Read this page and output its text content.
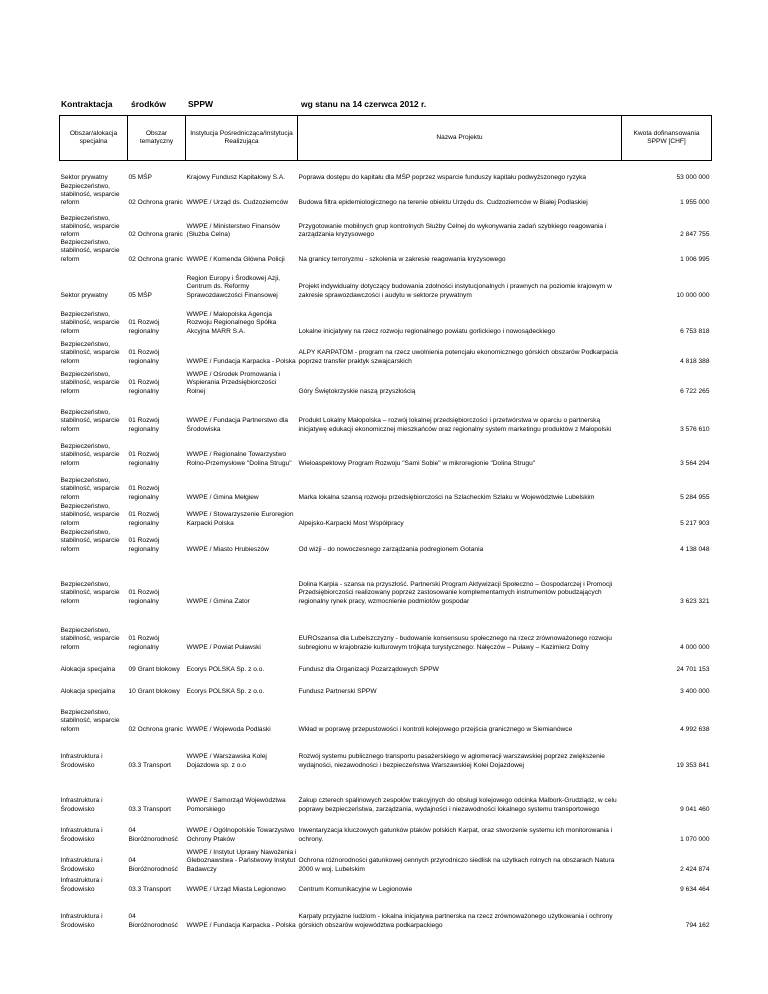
Kontraktacja środków	SPPW	wg stanu na 14 czerwca 2012 r.
Obszar/alokacja specjalna	Obszar tematyczny	Instytucja Pośrednicząca/Instytucja Realizująca	Nazwa Projektu	Kwota dofinansowania SPPW [CHF]
Sektor prywatny	05 MŚP	Krajowy Fundusz Kapitałowy S.A.	Poprawa dostępu do kapitału dla MŚP poprzez wsparcie funduszy kapitału podwyższonego ryzyka	53 000 000
Bezpieczeństwo, stabilność, wsparcie reform	02 Ochrona granic	WWPE / Urząd ds. Cudzoziemców	Budowa filtra epidemiologicznego na terenie obiektu Urzędu ds. Cudzoziemców w Białej Podlaskiej	1 955 000
Bezpieczeństwo, stabilność, wsparcie reform	02 Ochrona granic	WWPE / Ministerstwo Finansów (Służba Celna)	Przygotowanie mobilnych grup kontrolnych Służby Celnej do wykonywania zadań szybkiego reagowania i zarządzania kryzysowego	2 847 755
Bezpieczeństwo, stabilność, wsparcie reform	02 Ochrona granic	WWPE / Komenda Główna Policji	Na granicy terroryzmu - szkolenia w zakresie reagowania kryzysowego	1 006 995
Sektor prywatny	05 MŚP	Region Europy i Środkowej Azji, Centrum ds. Reformy Sprawozdawczości Finansowej	Projekt indywidualny dotyczący budowania zdolności instytucjonalnych i prawnych na poziomie krajowym w zakresie sprawozdawczości i audytu w sektorze prywatnym	10 000 000
Bezpieczeństwo, stabilność, wsparcie reform	01 Rozwój regionalny	WWPE / Małopolska Agencja Rozwoju Regionalnego Spółka Akcyjna MARR S.A.	Lokalne inicjatywy na rzecz rozwoju regionalnego powiatu gorlickiego i nowosądeckiego	6 753 818
Bezpieczeństwo, stabilność, wsparcie reform	01 Rozwój regionalny	WWPE / Fundacja Karpacka - Polska	ALPY KARPATOM - program na rzecz uwolnienia potencjału ekonomicznego górskich obszarów Podkarpacia poprzez transfer praktyk szwajcarskich	4 818 388
Bezpieczeństwo, stabilność, wsparcie reform	01 Rozwój regionalny	WWPE / Ośrodek Promowania i Wspierania Przedsiębiorczości Rolnej	Góry Świętokrzyskie naszą przyszłością	6 722 265
Bezpieczeństwo, stabilność, wsparcie reform	01 Rozwój regionalny	WWPE / Fundacja Partnerstwo dla Środowiska	Produkt Lokalny Małopolska – rozwój lokalnej przedsiębiorczości i przetwórstwa w oparciu o partnerską inicjatywę edukacji ekonomicznej mieszkańców oraz regionalny system marketingu produktów z Małopolski	3 576 610
Bezpieczeństwo, stabilność, wsparcie reform	01 Rozwój regionalny	WWPE / Regionalne Towarzystwo Rolno-Przemysłowe "Dolina Strugu"	Wieloaspektowy Program Rozwoju "Sami Sobie" w mikroregionie "Dolina Strugu"	3 564 294
Bezpieczeństwo, stabilność, wsparcie reform	01 Rozwój regionalny	WWPE / Gmina Mełgiew	Marka lokalna szansą rozwoju przedsiębiorczości na Szlacheckim Szlaku w Województwie Lubelskim	5 284 955
Bezpieczeństwo, stabilność, wsparcie reform	01 Rozwój regionalny	WWPE / Stowarzyszenie Euroregion Karpacki Polska	Alpejsko-Karpacki Most Współpracy	5 217 903
Bezpieczeństwo, stabilność, wsparcie reform	01 Rozwój regionalny	WWPE / Miasto Hrubieszów	Od wizji - do nowoczesnego zarządzania podregionem Gotania	4 138 048
Bezpieczeństwo, stabilność, wsparcie reform	01 Rozwój regionalny	WWPE / Gmina Zator	Dolina Karpia - szansa na przyszłość. Partnerski Program Aktywizacji Społeczno – Gospodarczej i Promocji Przedsiębiorczości realizowany poprzez zastosowanie komplementarnych instrumentów pobudzających regionalny rynek pracy, wzmocnienie podmiotów gospodar	3 623 321
Bezpieczeństwo, stabilność, wsparcie reform	01 Rozwój regionalny	WWPE / Powiat Puławski	EUROszansa dla Lubelszczyzny - budowanie konsensusu społecznego na rzecz zrównoważonego rozwoju subregionu w krajobrazie kulturowym trójkąta turystycznego: Nałęczów – Puławy – Kazimierz Dolny	4 000 000
Alokacja specjalna	09 Grant blokowy	Ecorys POLSKA Sp. z o.o.	Fundusz dla Organizacji Pozarządowych SPPW	24 701 153
Alokacja specjalna	10 Grant blokowy	Ecorys POLSKA Sp. z o.o.	Fundusz Partnerski SPPW	3 400 000
Bezpieczeństwo, stabilność, wsparcie reform	02 Ochrona granic	WWPE / Wojewoda Podlaski	Wkład w poprawę przepustowości i kontroli kolejowego przejścia granicznego w Siemianówce	4 992 638
Infrastruktura i Środowisko	03.3 Transport	WWPE / Warszawska Kolej Dojazdowa sp. z o.o	Rozwój systemu publicznego transportu pasażerskiego w aglomeracji warszawskiej poprzez zwiększenie wydajności, niezawodności i bezpieczeństwa Warszawskiej Kolei Dojazdowej	19 353 841
Infrastruktura i Środowisko	03.3 Transport	WWPE / Samorząd Województwa Pomorskiego	Zakup czterech spalinowych zespołów trakcyjnych do obsługi kolejowego odcinka Malbork-Grudziądz, w celu poprawy bezpieczeństwa, zarządzania, wydajności i niezawodności lokalnego systemu transportowego	9 041 460
Infrastruktura i Środowisko	04 Bioróżnorodność	WWPE / Ogólnopolskie Towarzystwo Ochrony Ptaków	Inwentaryzacja kluczowych gatunków ptaków polskich Karpat, oraz stworzenie systemu ich monitorowania i ochrony.	1 070 000
Infrastruktura i Środowisko	04 Bioróżnorodność	WWPE / Instytut Uprawy Nawożenia i Gleboznawstwa - Państwowy Instytut Badawczy	Ochrona różnorodności gatunkowej cennych przyrodniczo siedlisk na użytkach rolnych na obszarach Natura 2000 w woj. Lubelskim	2 424 874
Infrastruktura i Środowisko	03.3 Transport	WWPE / Urząd Miasta Legionowo	Centrum Komunikacyjne w Legionowie	9 634 464
Infrastruktura i Środowisko	04 Bioróżnorodność	WWPE / Fundacja Karpacka - Polska	Karpaty przyjazne ludziom - lokalna inicjatywa partnerska na rzecz zrównoważonego użytkowania i ochrony górskich obszarów województwa podkarpackiego	794 162
